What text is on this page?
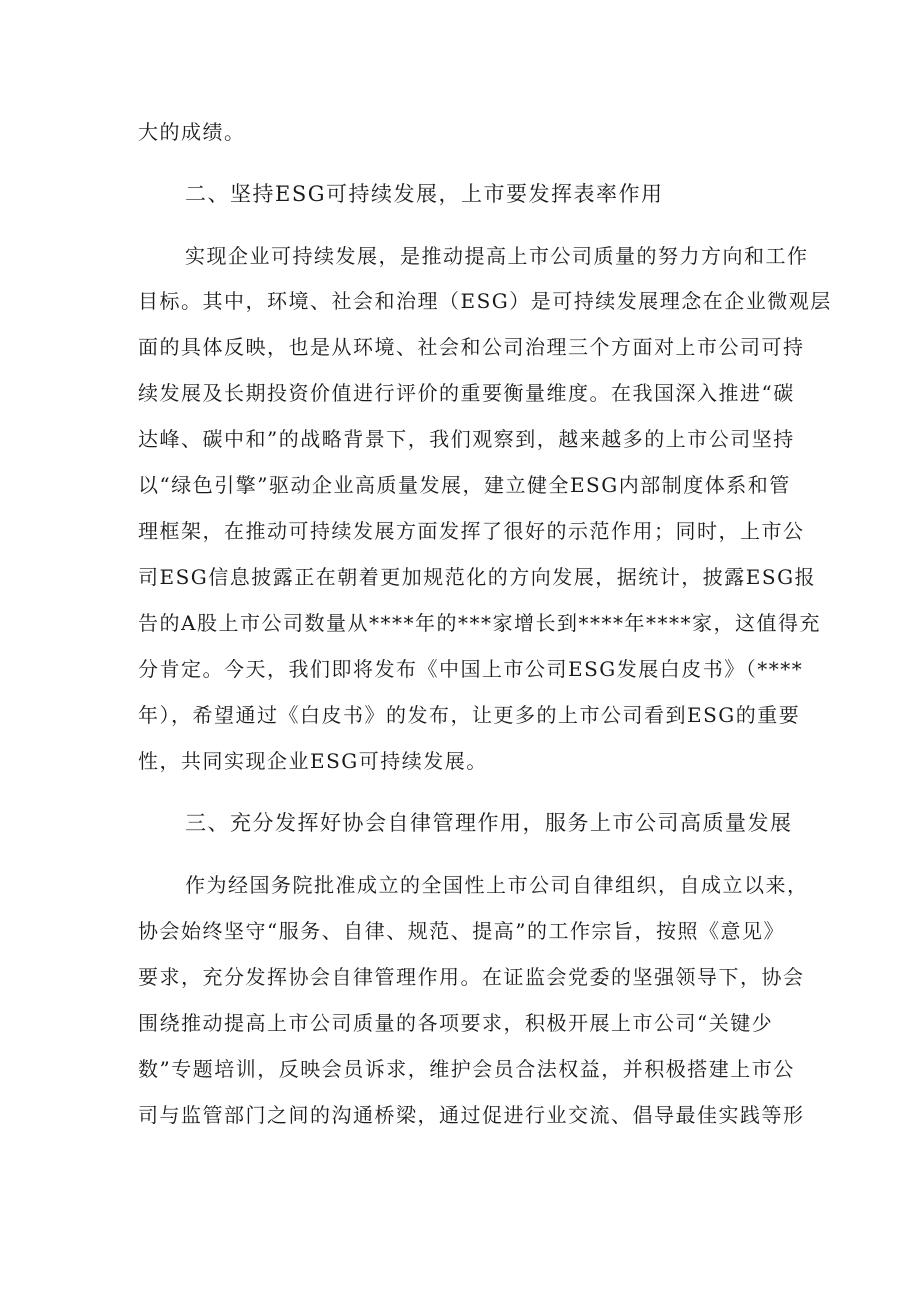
大的成绩。
二、坚持ESG可持续发展，上市要发挥表率作用
实现企业可持续发展，是推动提高上市公司质量的努力方向和工作
目标。其中，环境、社会和治理（ESG）是可持续发展理念在企业微观层
面的具体反映，也是从环境、社会和公司治理三个方面对上市公司可持
续发展及长期投资价值进行评价的重要衡量维度。在我国深入推进“碳
达峰、碳中和”的战略背景下，我们观察到，越来越多的上市公司坚持
以“绿色引擎”驱动企业高质量发展，建立健全ESG内部制度体系和管
理框架，在推动可持续发展方面发挥了很好的示范作用；同时，上市公
司ESG信息披露正在朝着更加规范化的方向发展，据统计，披露ESG报
告的A股上市公司数量从****年的***家增长到****年****家，这值得充
分肯定。今天，我们即将发布《中国上市公司ESG发展白皮书》（****
年），希望通过《白皮书》的发布，让更多的上市公司看到ESG的重要
性，共同实现企业ESG可持续发展。
三、充分发挥好协会自律管理作用，服务上市公司高质量发展
作为经国务院批准成立的全国性上市公司自律组织，自成立以来，
协会始终坚守“服务、自律、规范、提高”的工作宗旨，按照《意见》
要求，充分发挥协会自律管理作用。在证监会党委的坚强领导下，协会
围绕推动提高上市公司质量的各项要求，积极开展上市公司“关键少
数”专题培训，反映会员诉求，维护会员合法权益，并积极搭建上市公
司与监管部门之间的沟通桥梁，通过促进行业交流、倡导最佳实践等形
